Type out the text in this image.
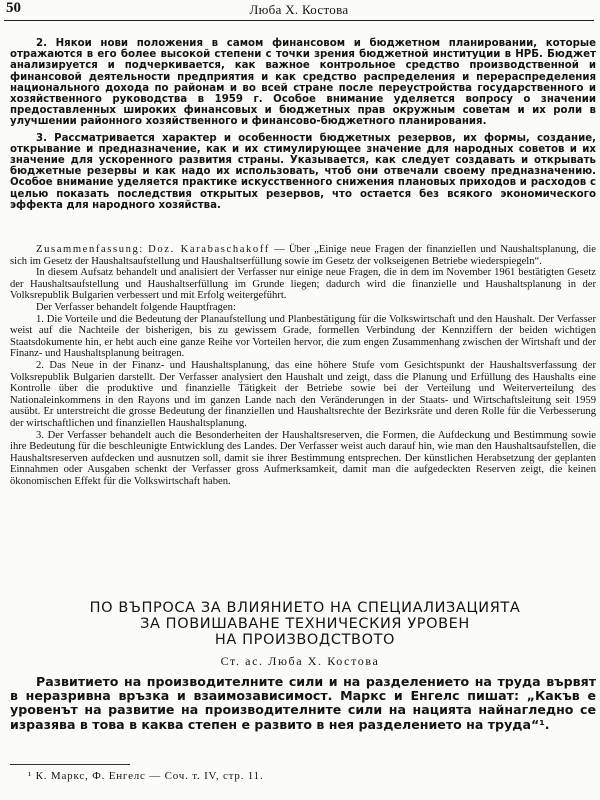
50	Люба Х. Костова

2. Някои нови положения в самом финансовом и бюджетном планировании, которые отражаются в его более высокой степени с точки зрения бюджетной институции в НРБ. Бюджет анализируется и подчеркивается, как важное контрольное средство производственной и финансовой деятельности предприятия и как средство распределения и перераспределения национального дохода по районам и во всей стране после переустройства государственного и хозяйственного руководства в 1959 г. Особое внимание уделяется вопросу о значении предоставленных широких финансовых и бюджетных прав окружным советам и их роли в улучшении районного хозяйственного и финансово-бюджетного планирования.

3. Рассматривается характер и особенности бюджетных резервов, их формы, создание, открывание и предназначение, как и их стимулирующее значение для народных советов и их значение для ускоренного развития страны. Указывается, как следует создавать и открывать бюджетные резервы и как надо их использовать, чтоб они отвечали своему предназначению. Особое внимание уделяется практике искусственного снижения плановых приходов и расходов с целью показать последствия открытых резервов, что остается без всякого экономического эффекта для народного хозяйства.

Zusammenfassung: Doz. Karabaschakoff — Über „Einige neue Fragen der finanziellen und Naushaltsplanung, die sich im Gesetz der Haushaltsaufstellung und Haushaltserfüllung sowie im Gesetz der volkseigenen Betriebe wiederspiegeln“.

In diesem Aufsatz behandelt und analisiert der Verfasser nur einige neue Fragen, die in dem im November 1961 bestätigten Gesetz der Haushaltsaufstellung und Haushaltserfüllung im Grunde liegen; dadurch wird die finanzielle und Haushaltsplanung in der Volksrepublik Bulgarien verbessert und mit Erfolg weitergeführt.

Der Verfasser behandelt folgende Hauptfragen:

1. Die Vorteile und die Bedeutung der Planaufstellung und Planbestätigung für die Volkswirtschaft und den Haushalt. Der Verfasser weist auf die Nachteile der bisherigen, bis zu gewissem Grade, formellen Verbindung der Kennziffern der beiden wichtigen Staatsdokumente hin, er hebt auch eine ganze Reihe vor Vorteilen hervor, die zum engen Zusammenhang zwischen der Wirtshaft und der Finanz- und Haushaltsplanung beitragen.

2. Das Neue in der Finanz- und Haushaltsplanung, das eine höhere Stufe vom Gesichtspunkt der Haushaltsverfassung der Volksrepublik Bulgarien darstellt. Der Verfasser analysiert den Haushalt und zeigt, dass die Planung und Erfüllung des Haushalts eine Kontrolle über die produktive und finanzielle Tätigkeit der Betriebe sowie bei der Verteilung und Weiterverteilung des Nationaleinkommens in den Rayons und im ganzen Lande nach den Veränderungen in der Staats- und Wirtschaftsleitung seit 1959 ausübt. Er unterstreicht die grosse Bedeutung der finanziellen und Haushaltsrechte der Bezirksräte und deren Rolle für die Verbesserung der wirtschaftlichen und finanziellen Haushaltsplanung.

3. Der Verfasser behandelt auch die Besonderheiten der Haushaltsreserven, die Formen, die Aufdeckung und Bestimmung sowie ihre Bedeutung für die beschleunigte Entwicklung des Landes. Der Verfasser weist auch darauf hin, wie man den Haushaltsaufstellen, die Haushaltsreserven aufdecken und ausnutzen soll, damit sie ihrer Bestimmung entsprechen. Der künstlichen Herabsetzung der geplanten Einnahmen oder Ausgaben schenkt der Verfasser gross Aufmerksamkeit, damit man die aufgedeckten Reserven zeigt, die keinen ökonomischen Effekt für die Volkswirtschaft haben.

ПО ВЪПРОСА ЗА ВЛИЯНИЕТО НА СПЕЦИАЛИЗАЦИЯТА
ЗА ПОВИШАВАНЕ ТЕХНИЧЕСКИЯ УРОВЕН
НА ПРОИЗВОДСТВОТО
Ст. ас. Люба Х. Костова

Развитието на производителните сили и на разделението на труда вървят в неразривна връзка и взаимозависимост. Маркс и Енгелс пишат: „Какъв е уровенът на развитие на производителните сили на нацията найнагледно се изразява в това в каква степен е развито в нея разделението на труда“¹.

¹ К. Маркс, Ф. Енгелс — Соч. т. IV, стр. 11.
